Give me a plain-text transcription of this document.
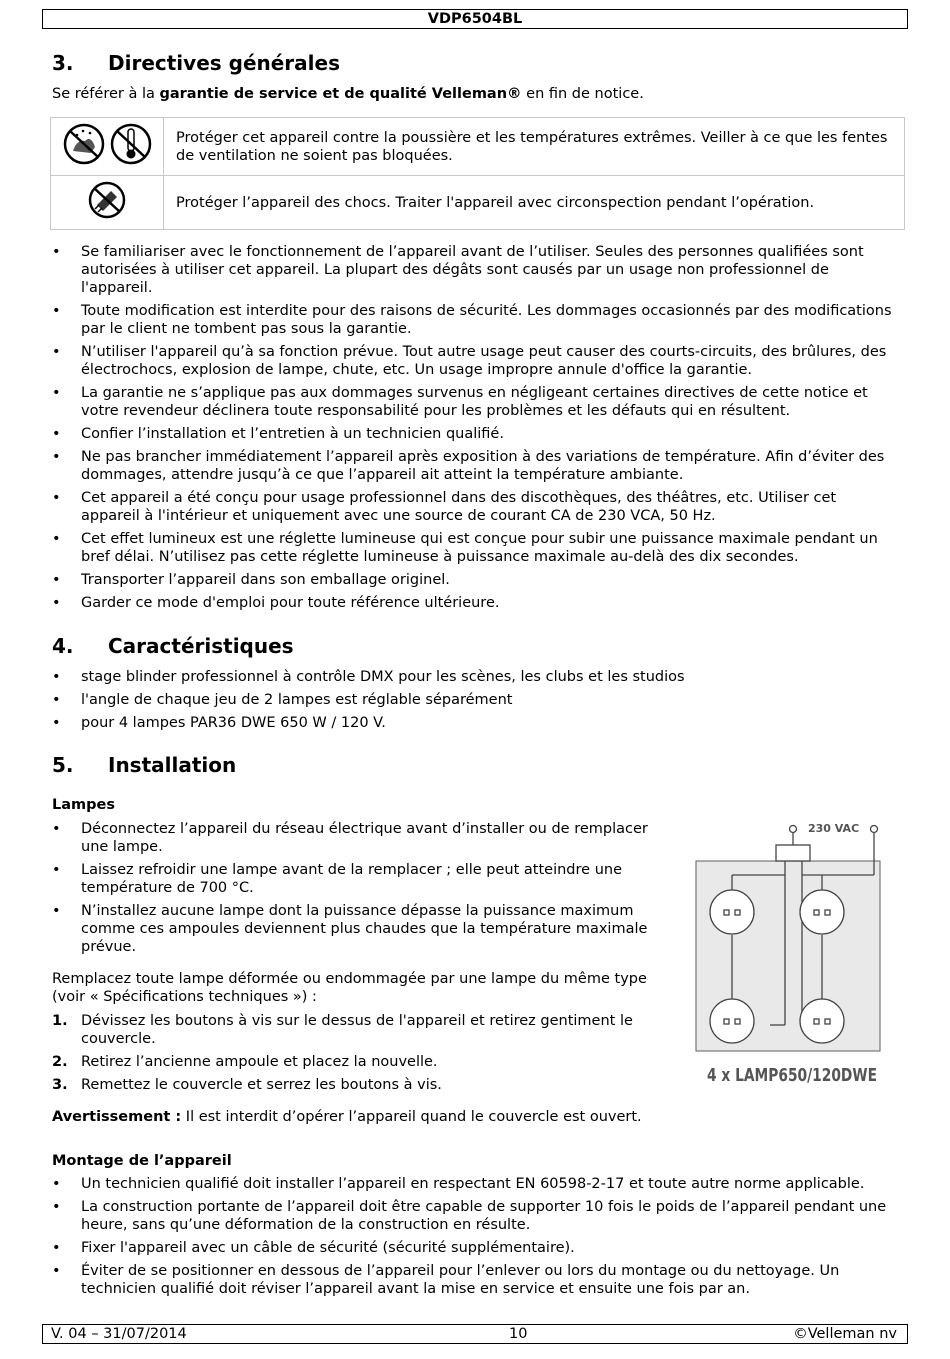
VDP6504BL
3. Directives générales
Se référer à la garantie de service et de qualité Velleman® en fin de notice.
	Protéger cet appareil contre la poussière et les températures extrêmes. Veiller à ce que les fentes de ventilation ne soient pas bloquées.
	Protéger l’appareil des chocs. Traiter l'appareil avec circonspection pendant l’opération.
• Se familiariser avec le fonctionnement de l’appareil avant de l’utiliser. Seules des personnes qualifiées sont autorisées à utiliser cet appareil. La plupart des dégâts sont causés par un usage non professionnel de l'appareil.
• Toute modification est interdite pour des raisons de sécurité. Les dommages occasionnés par des modifications par le client ne tombent pas sous la garantie.
• N’utiliser l'appareil qu’à sa fonction prévue. Tout autre usage peut causer des courts-circuits, des brûlures, des électrochocs, explosion de lampe, chute, etc. Un usage impropre annule d'office la garantie.
• La garantie ne s’applique pas aux dommages survenus en négligeant certaines directives de cette notice et votre revendeur déclinera toute responsabilité pour les problèmes et les défauts qui en résultent.
• Confier l’installation et l’entretien à un technicien qualifié.
• Ne pas brancher immédiatement l’appareil après exposition à des variations de température. Afin d’éviter des dommages, attendre jusqu’à ce que l’appareil ait atteint la température ambiante.
• Cet appareil a été conçu pour usage professionnel dans des discothèques, des théâtres, etc. Utiliser cet appareil à l'intérieur et uniquement avec une source de courant CA de 230 VCA, 50 Hz.
• Cet effet lumineux est une réglette lumineuse qui est conçue pour subir une puissance maximale pendant un bref délai. N’utilisez pas cette réglette lumineuse à puissance maximale au-delà des dix secondes.
• Transporter l’appareil dans son emballage originel.
• Garder ce mode d'emploi pour toute référence ultérieure.
4. Caractéristiques
• stage blinder professionnel à contrôle DMX pour les scènes, les clubs et les studios
• l'angle de chaque jeu de 2 lampes est réglable séparément
• pour 4 lampes PAR36 DWE 650 W / 120 V.
5. Installation
Lampes
• Déconnectez l’appareil du réseau électrique avant d’installer ou de remplacer une lampe.
• Laissez refroidir une lampe avant de la remplacer ; elle peut atteindre une température de 700 °C.
• N’installez aucune lampe dont la puissance dépasse la puissance maximum comme ces ampoules deviennent plus chaudes que la température maximale prévue.
Remplacez toute lampe déformée ou endommagée par une lampe du même type (voir « Spécifications techniques ») :
1. Dévissez les boutons à vis sur le dessus de l'appareil et retirez gentiment le couvercle.
2. Retirez l’ancienne ampoule et placez la nouvelle.
3. Remettez le couvercle et serrez les boutons à vis.
Avertissement : Il est interdit d’opérer l’appareil quand le couvercle est ouvert.
230 VAC
4 x LAMP650/120DWE
Montage de l’appareil
• Un technicien qualifié doit installer l’appareil en respectant EN 60598-2-17 et toute autre norme applicable.
• La construction portante de l’appareil doit être capable de supporter 10 fois le poids de l’appareil pendant une heure, sans qu’une déformation de la construction en résulte.
• Fixer l'appareil avec un câble de sécurité (sécurité supplémentaire).
• Éviter de se positionner en dessous de l’appareil pour l’enlever ou lors du montage ou du nettoyage. Un technicien qualifié doit réviser l’appareil avant la mise en service et ensuite une fois par an.
V. 04 – 31/07/2014	10	©Velleman nv
